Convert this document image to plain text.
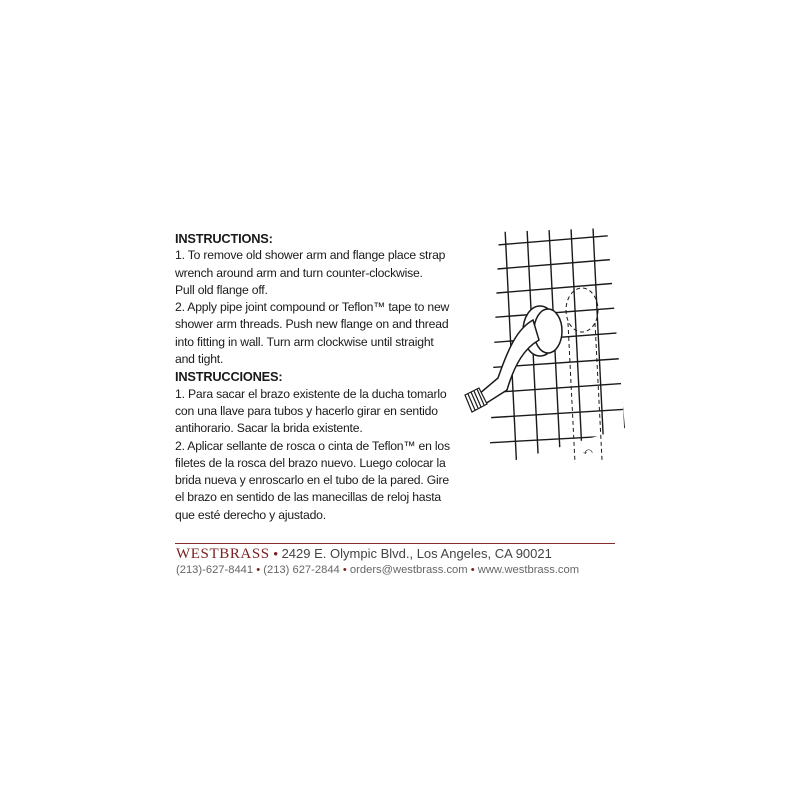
INSTRUCTIONS:
1. To remove old shower arm and flange place strap
wrench around arm and turn counter-clockwise.
Pull old flange off.
2. Apply pipe joint compound or Teflon™ tape to new
shower arm threads. Push new flange on and thread
into fitting in wall. Turn arm clockwise until straight
and tight.
INSTRUCCIONES:
1. Para sacar el brazo existente de la ducha tomarlo
con una llave para tubos y hacerlo girar en sentido
antihorario. Sacar la brida existente.
2. Aplicar sellante de rosca o cinta de Teflon™ en los
filetes de la rosca del brazo nuevo. Luego colocar la
brida nueva y enroscarlo en el tubo de la pared. Gire
el brazo en sentido de las manecillas de reloj hasta
que esté derecho y ajustado.
⤺
WESTBRASS • 2429 E. Olympic Blvd., Los Angeles, CA 90021
(213)-627-8441 • (213) 627-2844 • orders@westbrass.com • www.westbrass.com
